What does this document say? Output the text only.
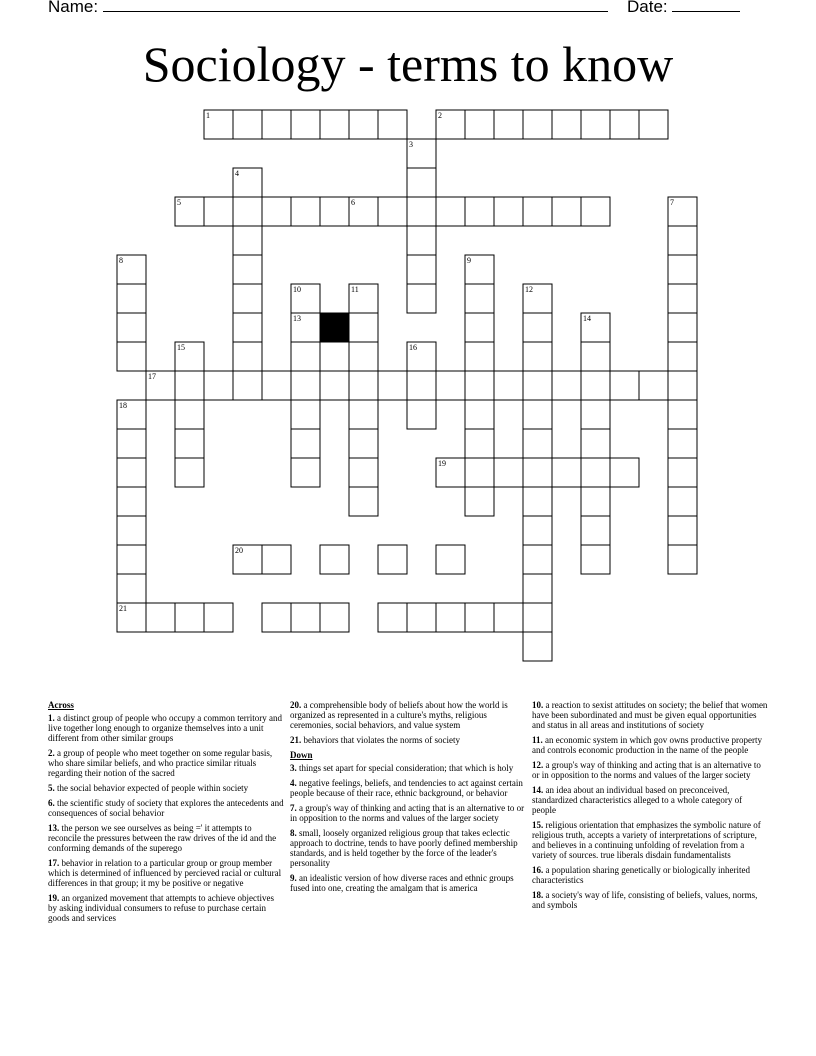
Name:	Date:
Sociology - terms to know
1	2
3
4
5	6	7
8	9
10	11	12
13	14
15	16
17
18
19
20
21
Across
1. a distinct group of people who occupy a common territory and live together long enough to organize themselves into a unit different from other similar groups
2. a group of people who meet together on some regular basis, who share similar beliefs, and who practice similar rituals regarding their notion of the sacred
5. the social behavior expected of people within society
6. the scientific study of society that explores the antecedents and consequences of social behavior
13. the person we see ourselves as being =' it attempts to reconcile the pressures between the raw drives of the id and the conforming demands of the superego
17. behavior in relation to a particular group or group member which is determined of influenced by percieved racial or cultural differences in that group; it my be positive or negative
19. an organized movement that attempts to achieve objectives by asking individual consumers to refuse to purchase certain goods and services
20. a comprehensible body of beliefs about how the world is organized as represented in a culture's myths, religious ceremonies, social behaviors, and value system
21. behaviors that violates the norms of society
Down
3. things set apart for special consideration; that which is holy
4. negative feelings, beliefs, and tendencies to act against certain people because of their race, ethnic background, or behavior
7. a group's way of thinking and acting that is an alternative to or in opposition to the norms and values of the larger society
8. small, loosely organized religious group that takes eclectic approach to doctrine, tends to have poorly defined membership standards, and is held together by the force of the leader's personality
9. an idealistic version of how diverse races and ethnic groups fused into one, creating the amalgam that is america
10. a reaction to sexist attitudes on society; the belief that women have been subordinated and must be given equal opportunities and status in all areas and institutions of society
11. an economic system in which gov owns productive property and controls economic production in the name of the people
12. a group's way of thinking and acting that is an alternative to or in opposition to the norms and values of the larger society
14. an idea about an individual based on preconceived, standardized characteristics alleged to a whole category of people
15. religious orientation that emphasizes the symbolic nature of religious truth, accepts a variety of interpretations of scripture, and believes in a continuing unfolding of revelation from a variety of sources. true liberals disdain fundamentalists
16. a population sharing genetically or biologically inherited characteristics
18. a society's way of life, consisting of beliefs, values, norms, and symbols
